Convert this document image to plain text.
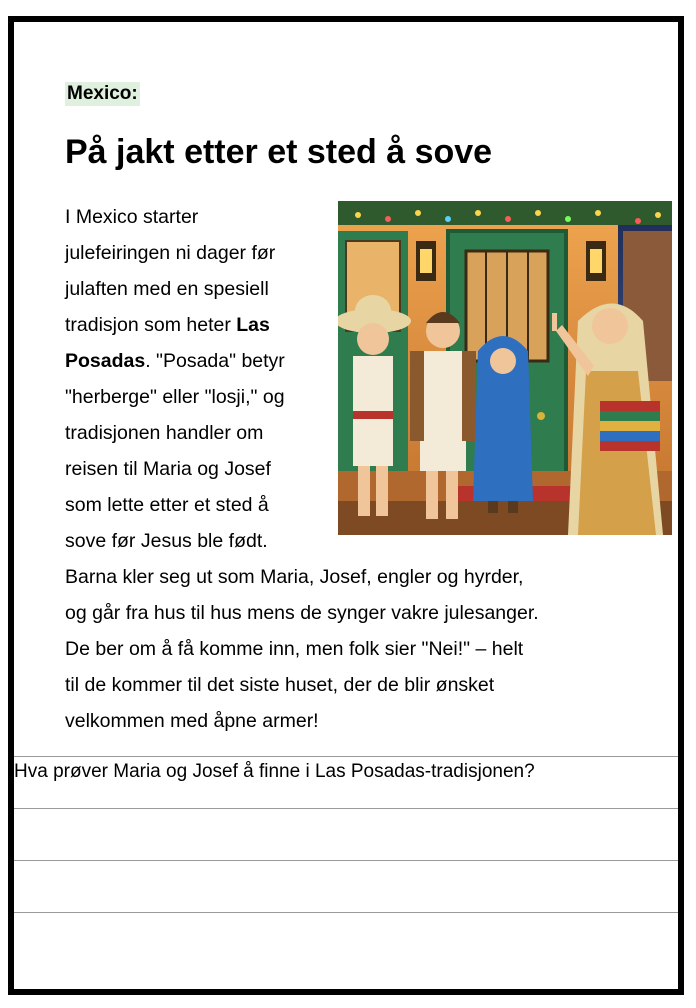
Mexico:
På jakt etter et sted å sove

I Mexico starter

julefeiringen ni dager før

julaften med en spesiell

tradisjon som heter Las

Posadas. "Posada" betyr

"herberge" eller "losji," og

tradisjonen handler om

reisen til Maria og Josef

som lette etter et sted å

sove før Jesus ble født.

Barna kler seg ut som Maria, Josef, engler og hyrder,

og går fra hus til hus mens de synger vakre julesanger.

De ber om å få komme inn, men folk sier "Nei!" – helt

til de kommer til det siste huset, der de blir ønsket

velkommen med åpne armer!

Hva prøver Maria og Josef å finne i Las Posadas-tradisjonen?
